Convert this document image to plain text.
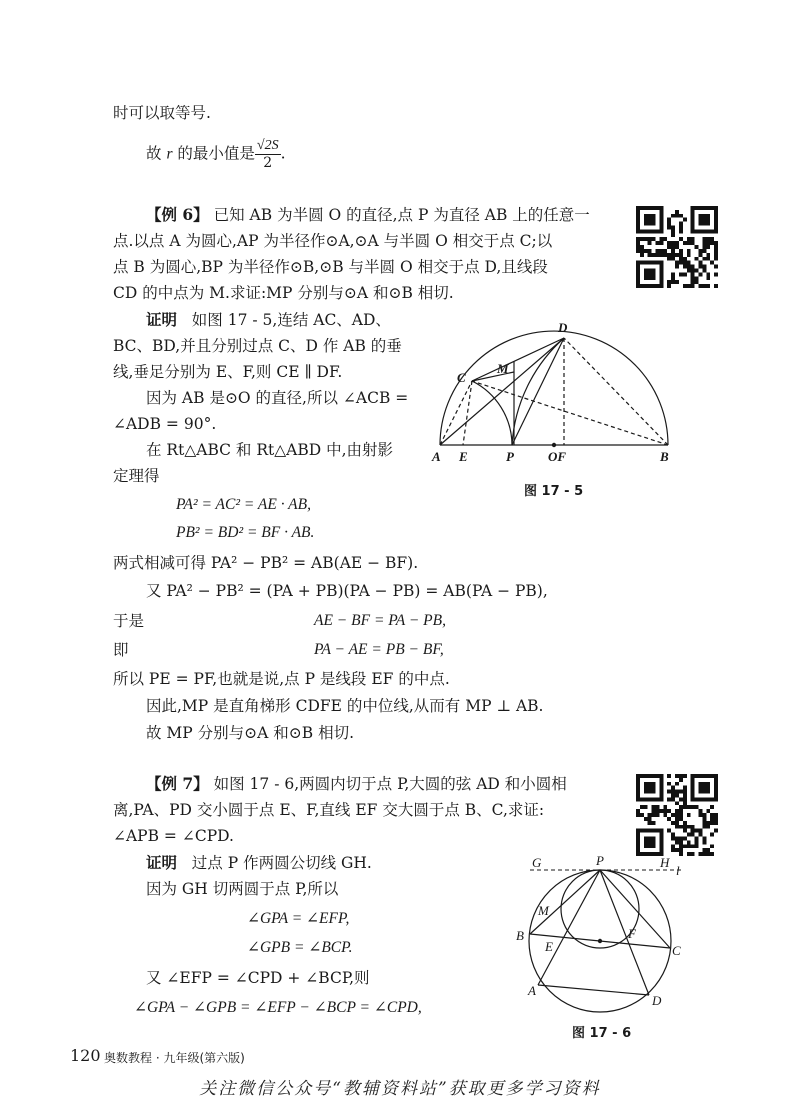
时可以取等号.
故 r 的最小值是 $\frac{√2S}{2}$ .
【例 6】 已知 AB 为半圆 O 的直径,点 P 为直径 AB 上的任意一
点.以点 A 为圆心,AP 为半径作⊙A,⊙A 与半圆 O 相交于点 C;以
点 B 为圆心,BP 为半径作⊙B,⊙B 与半圆 O 相交于点 D,且线段
CD 的中点为 M.求证:MP 分别与⊙A 和⊙B 相切.
证明 如图 17 - 5,连结 AC、AD、
BC、BD,并且分别过点 C、D 作 AB 的垂
线,垂足分别为 E、F,则 CE ∥ DF.
因为 AB 是⊙O 的直径,所以 ∠ACB =
∠ADB = 90°.
在 Rt△ABC 和 Rt△ABD 中,由射影
定理得
PA² = AC² = AE · AB,
PB² = BD² = BF · AB.
两式相减可得 PA² − PB² = AB(AE − BF).
又 PA² − PB² = (PA + PB)(PA − PB) = AB(PA − PB),
于是	AE − BF = PA − PB,
即	PA − AE = PB − BF,
所以 PE = PF,也就是说,点 P 是线段 EF 的中点.
因此,MP 是直角梯形 CDFE 的中位线,从而有 MP ⊥ AB.
故 MP 分别与⊙A 和⊙B 相切.
A E	P	OF	B
C
D
M
图 17 - 5
【例 7】 如图 17 - 6,两圆内切于点 P,大圆的弦 AD 和小圆相
离,PA、PD 交小圆于点 E、F,直线 EF 交大圆于点 B、C,求证:
∠APB = ∠CPD.
证明 过点 P 作两圆公切线 GH.
因为 GH 切两圆于点 P,所以
∠GPA = ∠EFP,
∠GPB = ∠BCP.
又 ∠EFP = ∠CPD + ∠BCP,则
∠GPA − ∠GPB = ∠EFP − ∠BCP = ∠CPD,
G	P	H
l
M
B
E
F
C
A
D
图 17 - 6
120 奥数教程 · 九年级(第六版)
关注微信公众号“教辅资料站”获取更多学习资料
